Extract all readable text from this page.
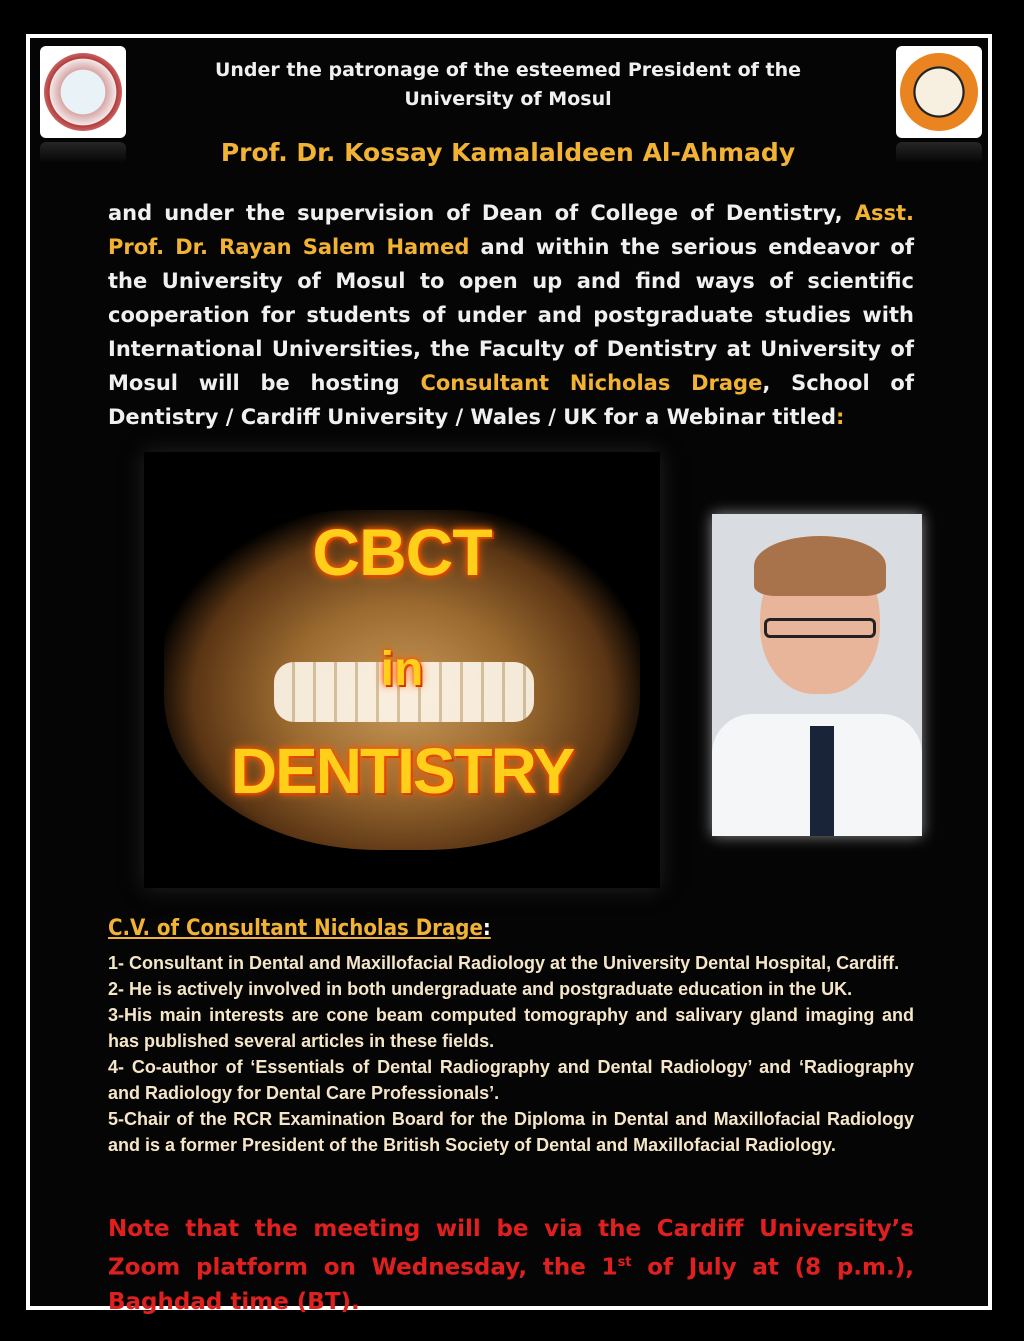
Under the patronage of the esteemed President of the
University of Mosul
Prof. Dr. Kossay Kamalaldeen Al-Ahmady
and under the supervision of Dean of College of Dentistry, Asst. Prof. Dr. Rayan Salem Hamed and within the serious endeavor of the University of Mosul to open up and find ways of scientific cooperation for students of under and postgraduate studies with International Universities, the Faculty of Dentistry at University of Mosul will be hosting Consultant Nicholas Drage, School of Dentistry / Cardiff University / Wales / UK for a Webinar titled:
CBCT
in
DENTISTRY
C.V. of Consultant Nicholas Drage:

1- Consultant in Dental and Maxillofacial Radiology at the University Dental Hospital, Cardiff.

2- He is actively involved in both undergraduate and postgraduate education in the UK.

3-His main interests are cone beam computed tomography and salivary gland imaging and has published several articles in these fields.

4- Co-author of ‘Essentials of Dental Radiography and Dental Radiology’ and ‘Radiography and Radiology for Dental Care Professionals’.

5-Chair of the RCR Examination Board for the Diploma in Dental and Maxillofacial Radiology and is a former President of the British Society of Dental and Maxillofacial Radiology.

Note that the meeting will be via the Cardiff University’s Zoom platform on Wednesday, the 1st of July at (8 p.m.), Baghdad time (BT).
